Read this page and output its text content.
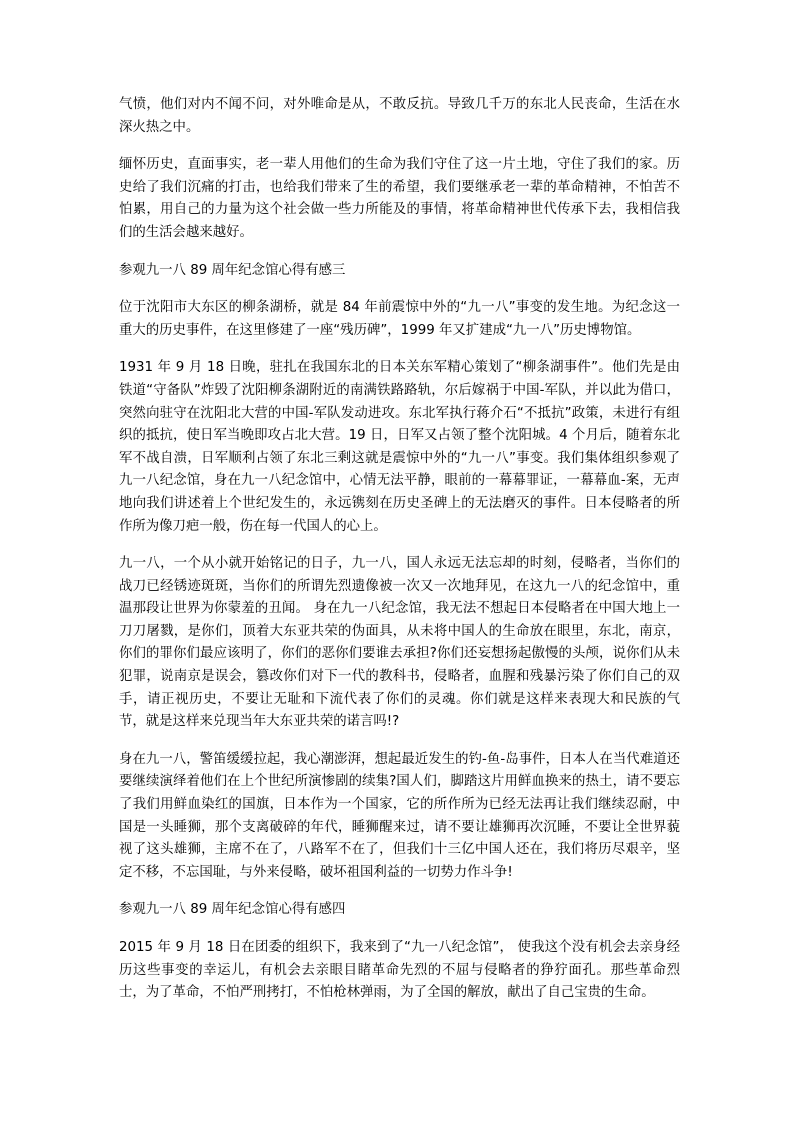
气愤，他们对内不闻不问，对外唯命是从，不敢反抗。导致几千万的东北人民丧命，生活在水深火热之中。

缅怀历史，直面事实，老一辈人用他们的生命为我们守住了这一片土地，守住了我们的家。历史给了我们沉痛的打击，也给我们带来了生的希望，我们要继承老一辈的革命精神，不怕苦不怕累，用自己的力量为这个社会做一些力所能及的事情，将革命精神世代传承下去，我相信我们的生活会越来越好。

参观九一八 89 周年纪念馆心得有感三

位于沈阳市大东区的柳条湖桥，就是 84 年前震惊中外的“九一八”事变的发生地。为纪念这一重大的历史事件，在这里修建了一座“残历碑”，1999 年又扩建成“九一八”历史博物馆。

1931 年 9 月 18 日晚，驻扎在我国东北的日本关东军精心策划了“柳条湖事件”。他们先是由铁道“守备队”炸毁了沈阳柳条湖附近的南满铁路路轨，尔后嫁祸于中国-军队，并以此为借口，突然向驻守在沈阳北大营的中国-军队发动进攻。东北军执行蒋介石“不抵抗”政策，未进行有组织的抵抗，使日军当晚即攻占北大营。19 日，日军又占领了整个沈阳城。4 个月后，随着东北军不战自溃，日军顺利占领了东北三剩这就是震惊中外的“九一八”事变。我们集体组织参观了九一八纪念馆，身在九一八纪念馆中，心情无法平静，眼前的一幕幕罪证，一幕幕血-案，无声地向我们讲述着上个世纪发生的，永远镌刻在历史圣碑上的无法磨灭的事件。日本侵略者的所作所为像刀疤一般，伤在每一代国人的心上。

九一八，一个从小就开始铭记的日子，九一八，国人永远无法忘却的时刻，侵略者，当你们的战刀已经锈迹斑斑，当你们的所谓先烈遗像被一次又一次地拜见，在这九一八的纪念馆中，重温那段让世界为你蒙羞的丑闻。 身在九一八纪念馆，我无法不想起日本侵略者在中国大地上一刀刀屠戮，是你们，顶着大东亚共荣的伪面具，从未将中国人的生命放在眼里，东北，南京，你们的罪你们最应该明了，你们的恶你们要谁去承担?你们还妄想扬起傲慢的头颅，说你们从未犯罪，说南京是误会，篡改你们对下一代的教科书，侵略者，血腥和残暴污染了你们自己的双手，请正视历史，不要让无耻和下流代表了你们的灵魂。你们就是这样来表现大和民族的气节，就是这样来兑现当年大东亚共荣的诺言吗!?

身在九一八，警笛缓缓拉起，我心潮澎湃，想起最近发生的钓-鱼-岛事件，日本人在当代难道还要继续演绎着他们在上个世纪所演惨剧的续集?国人们，脚踏这片用鲜血换来的热土，请不要忘了我们用鲜血染红的国旗，日本作为一个国家，它的所作所为已经无法再让我们继续忍耐，中国是一头睡狮，那个支离破碎的年代，睡狮醒来过，请不要让雄狮再次沉睡，不要让全世界藐视了这头雄狮，主席不在了，八路军不在了，但我们十三亿中国人还在，我们将历尽艰辛，坚定不移，不忘国耻，与外来侵略，破坏祖国利益的一切势力作斗争!

参观九一八 89 周年纪念馆心得有感四

2015 年 9 月 18 日在团委的组织下，我来到了“九一八纪念馆”， 使我这个没有机会去亲身经历这些事变的幸运儿，有机会去亲眼目睹革命先烈的不屈与侵略者的狰狞面孔。那些革命烈士，为了革命，不怕严刑拷打，不怕枪林弹雨，为了全国的解放，献出了自己宝贵的生命。
